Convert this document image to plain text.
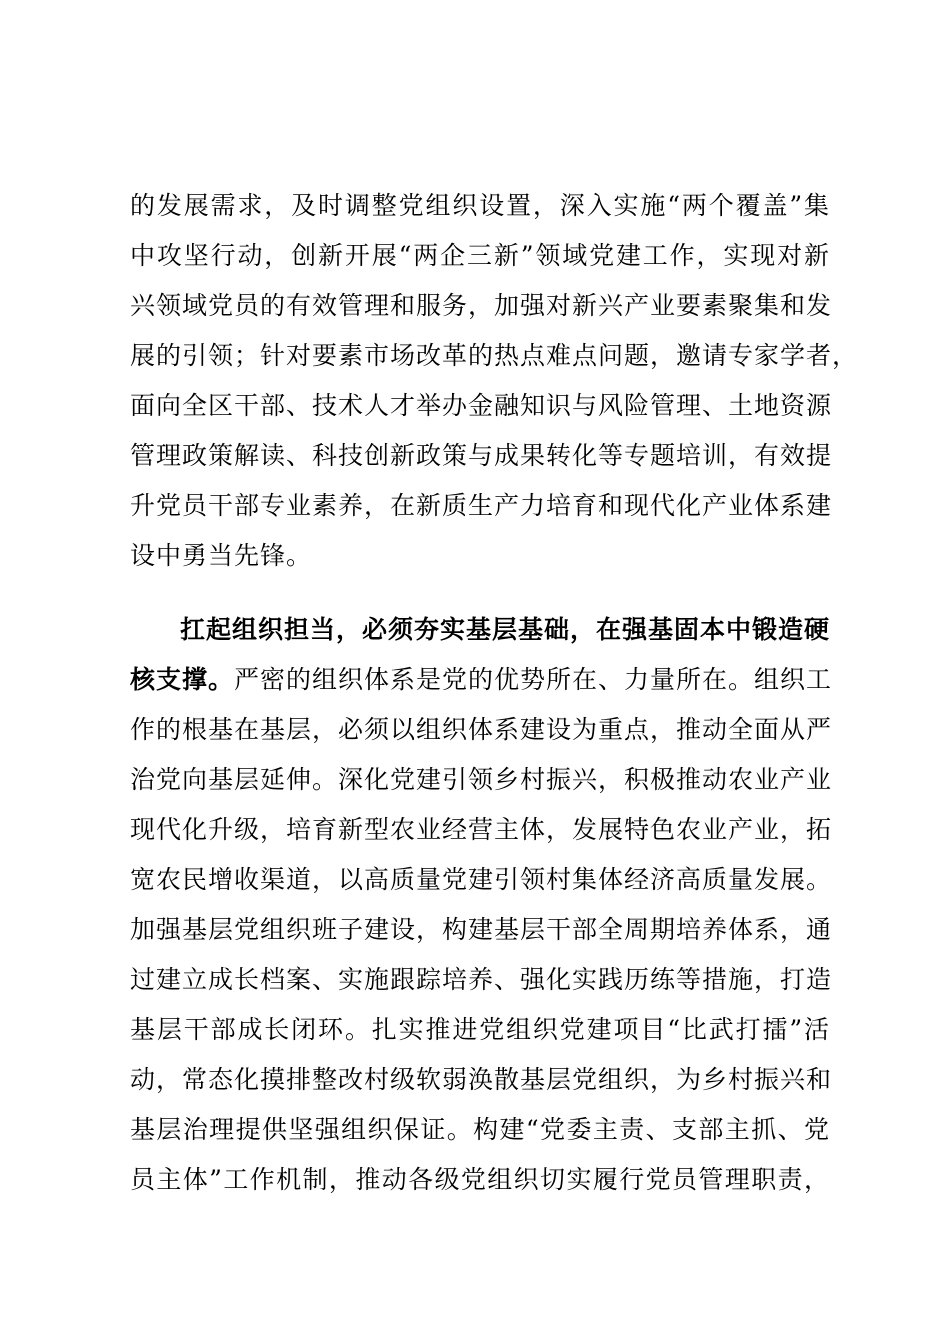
的发展需求，及时调整党组织设置，深入实施“两个覆盖”集
中攻坚行动，创新开展“两企三新”领域党建工作，实现对新
兴领域党员的有效管理和服务，加强对新兴产业要素聚集和发
展的引领；针对要素市场改革的热点难点问题，邀请专家学者，
面向全区干部、技术人才举办金融知识与风险管理、土地资源
管理政策解读、科技创新政策与成果转化等专题培训，有效提
升党员干部专业素养，在新质生产力培育和现代化产业体系建
设中勇当先锋。
扛起组织担当，必须夯实基层基础，在强基固本中锻造硬
核支撑。严密的组织体系是党的优势所在、力量所在。组织工
作的根基在基层，必须以组织体系建设为重点，推动全面从严
治党向基层延伸。深化党建引领乡村振兴，积极推动农业产业
现代化升级，培育新型农业经营主体，发展特色农业产业，拓
宽农民增收渠道，以高质量党建引领村集体经济高质量发展。
加强基层党组织班子建设，构建基层干部全周期培养体系，通
过建立成长档案、实施跟踪培养、强化实践历练等措施，打造
基层干部成长闭环。扎实推进党组织党建项目“比武打擂”活
动，常态化摸排整改村级软弱涣散基层党组织，为乡村振兴和
基层治理提供坚强组织保证。构建“党委主责、支部主抓、党
员主体”工作机制，推动各级党组织切实履行党员管理职责，
